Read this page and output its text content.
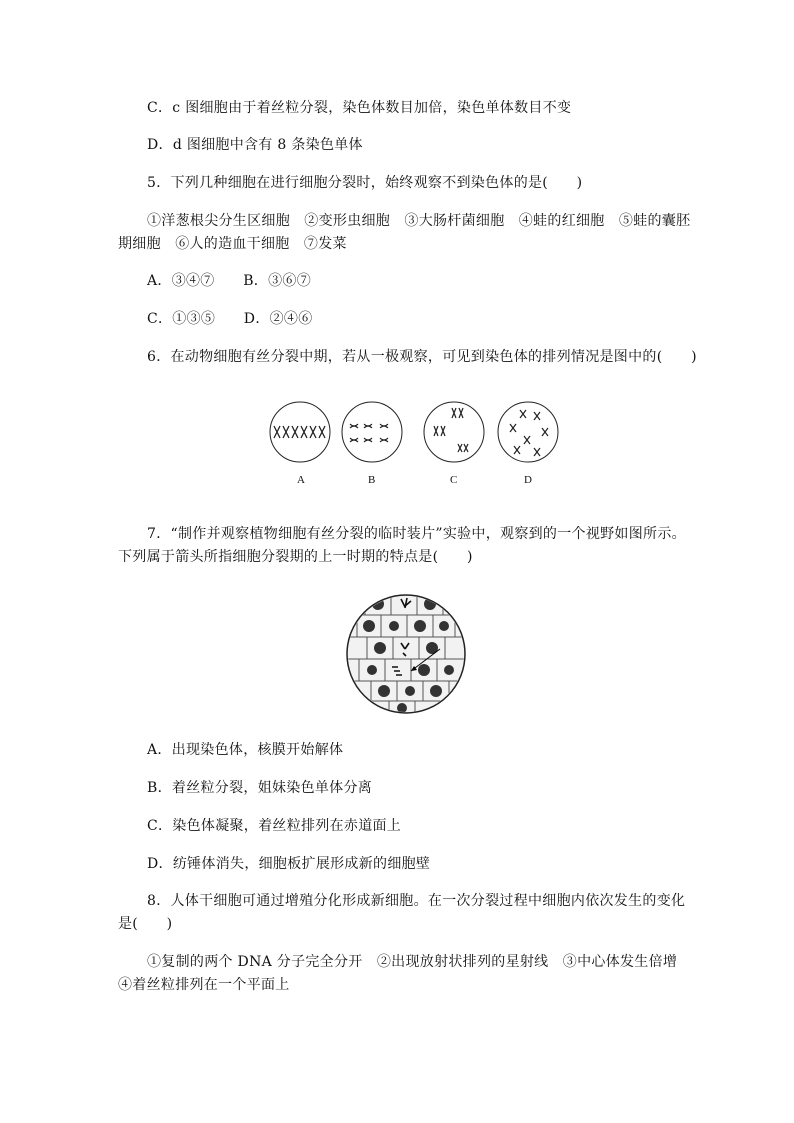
C．c 图细胞由于着丝粒分裂，染色体数目加倍，染色单体数目不变
D．d 图细胞中含有 8 条染色单体
5．下列几种细胞在进行细胞分裂时，始终观察不到染色体的是(　　)
①洋葱根尖分生区细胞　②变形虫细胞　③大肠杆菌细胞　④蛙的红细胞　⑤蛙的囊胚
期细胞　⑥人的造血干细胞　⑦发菜
A．③④⑦　　B．③⑥⑦
C．①③⑤　　D．②④⑥
6．在动物细胞有丝分裂中期，若从一极观察，可见到染色体的排列情况是图中的(　　)
A	B	C	D
7．“制作并观察植物细胞有丝分裂的临时装片”实验中，观察到的一个视野如图所示。
下列属于箭头所指细胞分裂期的上一时期的特点是(　　)
A．出现染色体，核膜开始解体
B．着丝粒分裂，姐妹染色单体分离
C．染色体凝聚，着丝粒排列在赤道面上
D．纺锤体消失，细胞板扩展形成新的细胞壁
8．人体干细胞可通过增殖分化形成新细胞。在一次分裂过程中细胞内依次发生的变化
是(　　)
①复制的两个 DNA 分子完全分开　②出现放射状排列的星射线　③中心体发生倍增
④着丝粒排列在一个平面上
